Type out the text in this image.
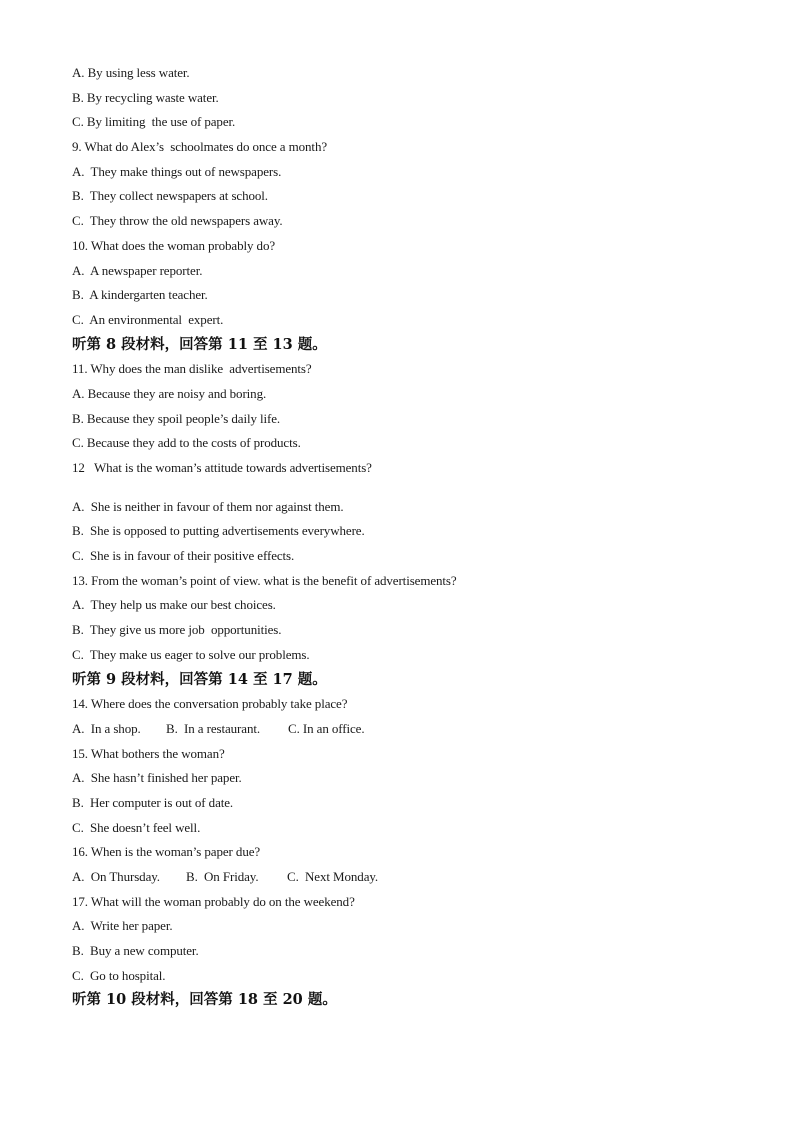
A. By using less water.
B. By recycling waste water.
C. By limiting  the use of paper.
9. What do Alex’s  schoolmates do once a month?
A.  They make things out of newspapers.
B.  They collect newspapers at school.
C.  They throw the old newspapers away.
10. What does the woman probably do?
A.  A newspaper reporter.
B.  A kindergarten teacher.
C.  An environmental  expert.
听第 8 段材料，回答第 11 至 13 题。
11. Why does the man dislike  advertisements?
A. Because they are noisy and boring.
B. Because they spoil people’s daily life.
C. Because they add to the costs of products.
12   What is the woman’s attitude towards advertisements?
A.  She is neither in favour of them nor against them.
B.  She is opposed to putting advertisements everywhere.
C.  She is in favour of their positive effects.
13. From the woman’s point of view. what is the benefit of advertisements?
A.  They help us make our best choices.
B.  They give us more job  opportunities.
C.  They make us eager to solve our problems.
听第 9 段材料，回答第 14 至 17 题。
14. Where does the conversation probably take place?
A.  In a shop.	B.  In a restaurant.	C. In an office.
15. What bothers the woman?
A.  She hasn’t finished her paper.
B.  Her computer is out of date.
C.  She doesn’t feel well.
16. When is the woman’s paper due?
A.  On Thursday.	B.  On Friday.	C.  Next Monday.
17. What will the woman probably do on the weekend?
A.  Write her paper.
B.  Buy a new computer.
C.  Go to hospital.
听第 10 段材料，回答第 18 至 20 题。
